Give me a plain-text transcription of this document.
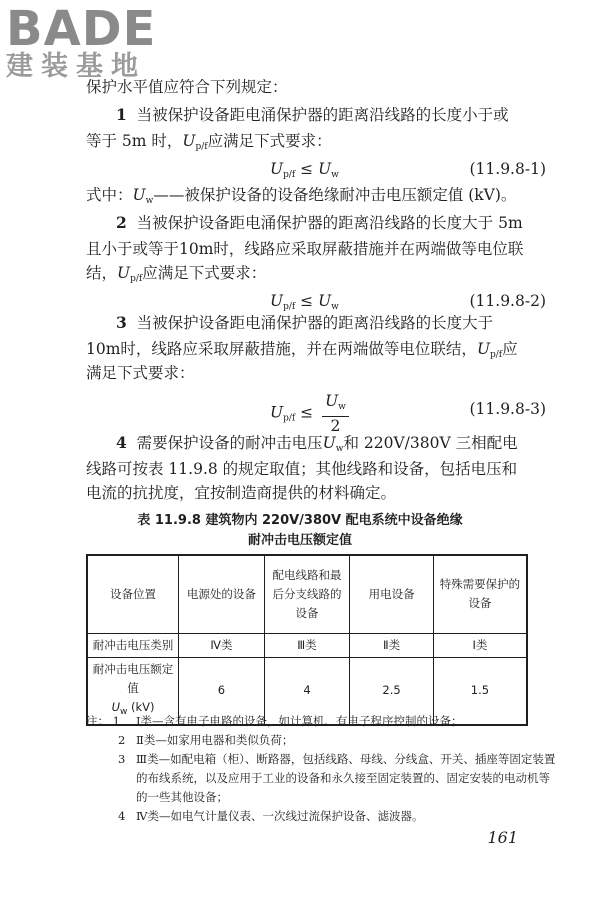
BADE
建装基地
保护水平值应符合下列规定：
1 当被保护设备距电涌保护器的距离沿线路的长度小于或
等于 5m 时，$U_{p/f}$应满足下式要求：
$U_{p/f} \le U_w$	(11.9.8-1)
式中：$U_w——$被保护设备的设备绝缘耐冲击电压额定值 (kV)。
2 当被保护设备距电涌保护器的距离沿线路的长度大于 5m
且小于或等于10m时，线路应采取屏蔽措施并在两端做等电位联
结，$U_{p/f}$应满足下式要求：
$U_{p/f} \le U_w$	(11.9.8-2)
3 当被保护设备距电涌保护器的距离沿线路的长度大于
10m时，线路应采取屏蔽措施，并在两端做等电位联结，$U_{p/f}$应
满足下式要求：
$U_{p/f} \le \frac{U_w}{2}$	(11.9.8-3)
4 需要保护设备的耐冲击电压$U_w$和 220V/380V 三相配电
线路可按表 11.9.8 的规定取值；其他线路和设备，包括电压和
电流的抗扰度，宜按制造商提供的材料确定。
表 11.9.8 建筑物内 220V/380V 配电系统中设备绝缘
耐冲击电压额定值
设备位置	电源处的设备	配电线路和最后分支线路的设备	用电设备	特殊需要保护的设备
耐冲击电压类别	Ⅳ类	Ⅲ类	Ⅱ类	Ⅰ类
耐冲击电压额定值
$U_w$ (kV)	6	4	2.5	1.5
注： 1 Ⅰ类—含有电子电路的设备，如计算机、有电子程序控制的设备；
2 Ⅱ类—如家用电器和类似负荷；
3 Ⅲ类—如配电箱（柜）、断路器，包括线路、母线、分线盒、开关、插座等固定装置的布线系统，以及应用于工业的设备和永久接至固定装置的、固定安装的电动机等的一些其他设备；
4 Ⅳ类—如电气计量仪表、一次线过流保护设备、滤波器。
161
